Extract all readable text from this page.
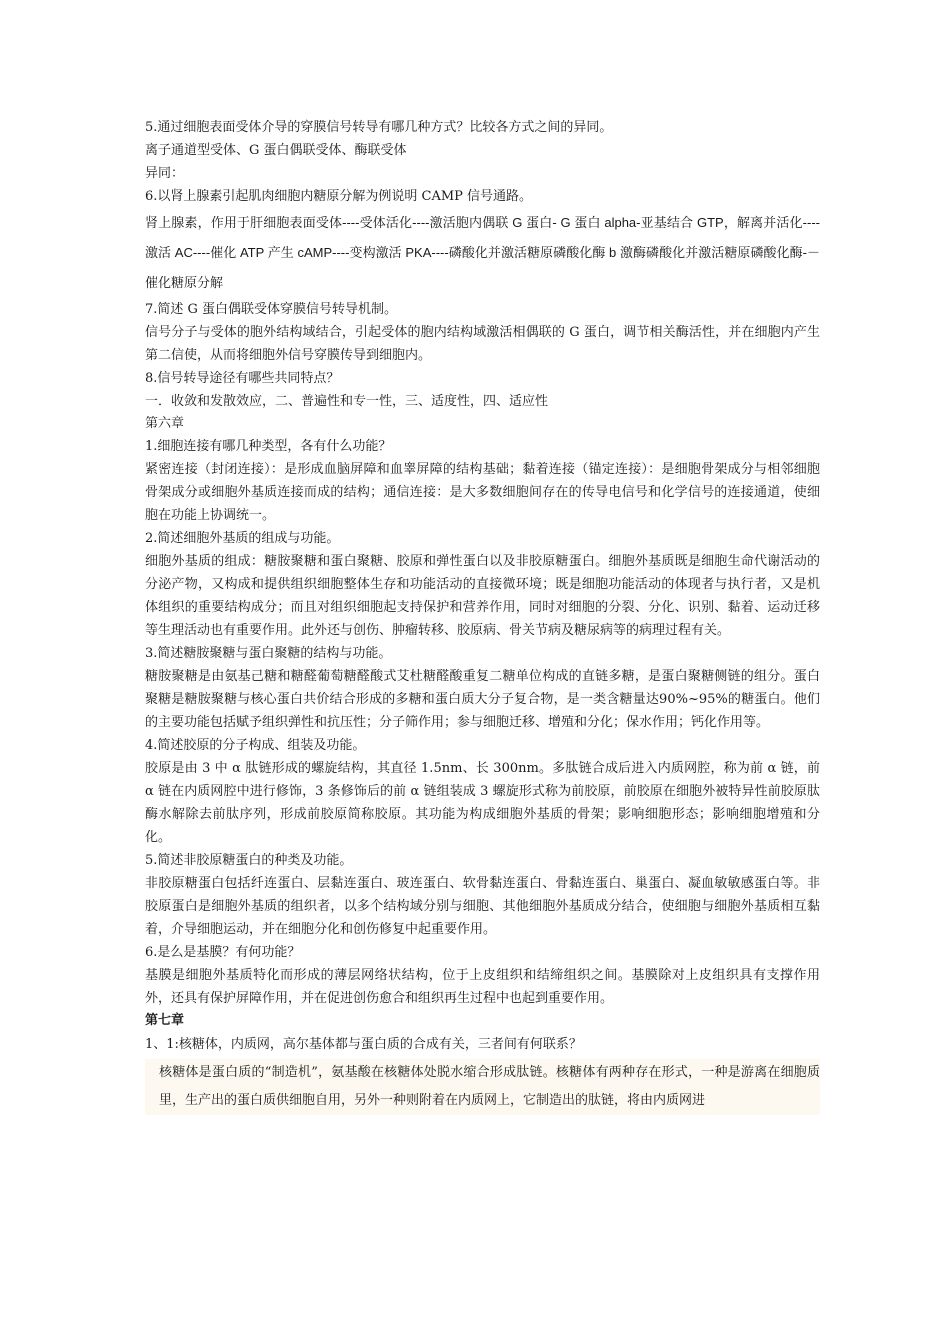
5.通过细胞表面受体介导的穿膜信号转导有哪几种方式？比较各方式之间的异同。

离子通道型受体、G 蛋白偶联受体、酶联受体

异同：

6.以肾上腺素引起肌肉细胞内糖原分解为例说明 CAMP 信号通路。

肾上腺素，作用于肝细胞表面受体----受体活化----激活胞内偶联 G 蛋白- G 蛋白 alpha-亚基结合 GTP，解离并活化----激活 AC----催化 ATP 产生 cAMP----变构激活 PKA----磷酸化并激活糖原磷酸化酶 b 激酶磷酸化并激活糖原磷酸化酶-－催化糖原分解

7.简述 G 蛋白偶联受体穿膜信号转导机制。

信号分子与受体的胞外结构域结合，引起受体的胞内结构域激活相偶联的 G 蛋白，调节相关酶活性，并在细胞内产生第二信使，从而将细胞外信号穿膜传导到细胞内。

8.信号转导途径有哪些共同特点？

一．收敛和发散效应，二、普遍性和专一性，三、适度性，四、适应性

第六章

1.细胞连接有哪几种类型，各有什么功能？

紧密连接（封闭连接）：是形成血脑屏障和血睾屏障的结构基础；黏着连接（锚定连接）：是细胞骨架成分与相邻细胞骨架成分或细胞外基质连接而成的结构；通信连接：是大多数细胞间存在的传导电信号和化学信号的连接通道，使细胞在功能上协调统一。

2.简述细胞外基质的组成与功能。

细胞外基质的组成：糖胺聚糖和蛋白聚糖、胶原和弹性蛋白以及非胶原糖蛋白。细胞外基质既是细胞生命代谢活动的分泌产物，又构成和提供组织细胞整体生存和功能活动的直接微环境；既是细胞功能活动的体现者与执行者，又是机体组织的重要结构成分；而且对组织细胞起支持保护和营养作用，同时对细胞的分裂、分化、识别、黏着、运动迁移等生理活动也有重要作用。此外还与创伤、肿瘤转移、胶原病、骨关节病及糖尿病等的病理过程有关。

3.简述糖胺聚糖与蛋白聚糖的结构与功能。

糖胺聚糖是由氨基己糖和糖醛葡萄糖醛酸式艾杜糖醛酸重复二糖单位构成的直链多糖，是蛋白聚糖侧链的组分。蛋白聚糖是糖胺聚糖与核心蛋白共价结合形成的多糖和蛋白质大分子复合物，是一类含糖量达90%~95%的糖蛋白。他们的主要功能包括赋予组织弹性和抗压性；分子筛作用；参与细胞迁移、增殖和分化；保水作用；钙化作用等。

4.简述胶原的分子构成、组装及功能。

胶原是由 3 中 α 肽链形成的螺旋结构，其直径 1.5nm、长 300nm。多肽链合成后进入内质网腔，称为前 α 链，前 α 链在内质网腔中进行修饰，3 条修饰后的前 α 链组装成 3 螺旋形式称为前胶原，前胶原在细胞外被特异性前胶原肽酶水解除去前肽序列，形成前胶原简称胶原。其功能为构成细胞外基质的骨架；影响细胞形态；影响细胞增殖和分化。

5.简述非胶原糖蛋白的种类及功能。

非胶原糖蛋白包括纤连蛋白、层黏连蛋白、玻连蛋白、软骨黏连蛋白、骨黏连蛋白、巢蛋白、凝血敏敏感蛋白等。非胶原蛋白是细胞外基质的组织者，以多个结构域分别与细胞、其他细胞外基质成分结合，使细胞与细胞外基质相互黏着，介导细胞运动，并在细胞分化和创伤修复中起重要作用。

6.是么是基膜？有何功能？

基膜是细胞外基质特化而形成的薄层网络状结构，位于上皮组织和结缔组织之间。基膜除对上皮组织具有支撑作用外，还具有保护屏障作用，并在促进创伤愈合和组织再生过程中也起到重要作用。

第七章

1、1:核糖体，内质网，高尔基体都与蛋白质的合成有关，三者间有何联系？

核糖体是蛋白质的“制造机”，氨基酸在核糖体处脱水缩合形成肽链。核糖体有两种存在形式，一种是游离在细胞质里，生产出的蛋白质供细胞自用，另外一种则附着在内质网上，它制造出的肽链，将由内质网进
